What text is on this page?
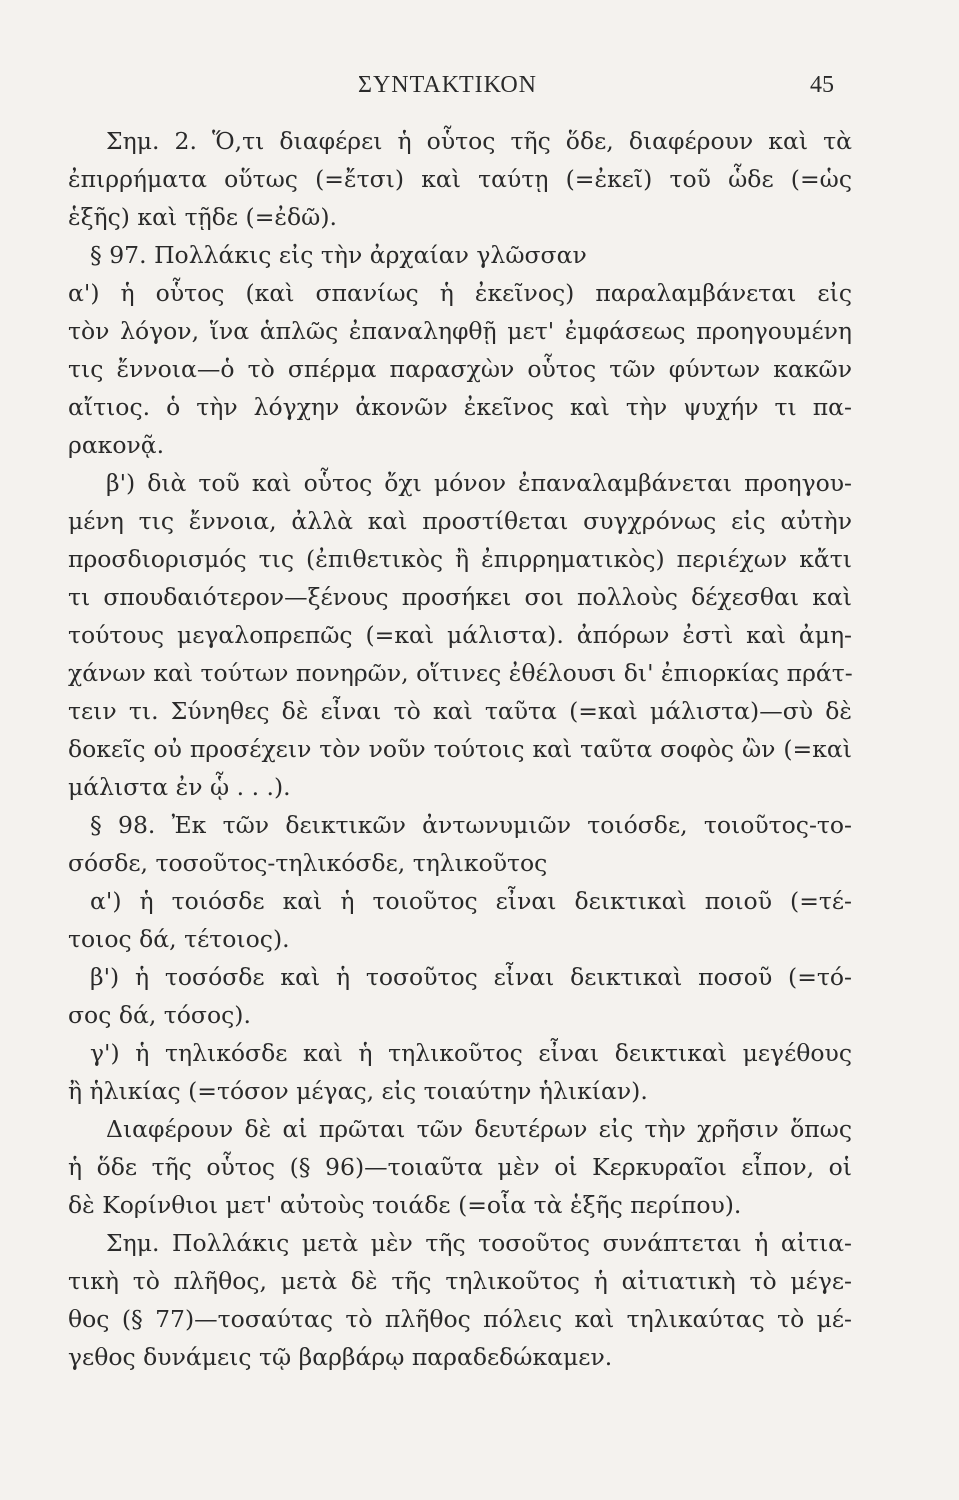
ΣΥΝΤΑΚΤΙΚΟΝ	45
Σημ. 2. Ὅ,τι διαφέρει ἡ οὗτος τῆς ὅδε, διαφέρουν καὶ τὰ
ἐπιρρήματα οὕτως (=ἔτσι) καὶ ταύτῃ (=ἐκεῖ) τοῦ ὧδε (=ὡς
ἑξῆς) καὶ τῇδε (=ἐδῶ).
§ 97. Πολλάκις εἰς τὴν ἀρχαίαν γλῶσσαν
α') ἡ οὗτος (καὶ σπανίως ἡ ἐκεῖνος) παραλαμβάνεται εἰς
τὸν λόγον, ἵνα ἁπλῶς ἐπαναληφθῇ μετ' ἐμφάσεως προηγουμένη
τις ἔννοια—ὁ τὸ σπέρμα παρασχὼν οὗτος τῶν φύντων κακῶν
αἴτιος. ὁ τὴν λόγχην ἀκονῶν ἐκεῖνος καὶ τὴν ψυχήν τι πα-
ρακονᾷ.
β') διὰ τοῦ καὶ οὗτος ὄχι μόνον ἐπαναλαμβάνεται προηγου-
μένη τις ἔννοια, ἀλλὰ καὶ προστίθεται συγχρόνως εἰς αὐτὴν
προσδιορισμός τις (ἐπιθετικὸς ἢ ἐπιρρηματικὸς) περιέχων κἄτι
τι σπουδαιότερον—ξένους προσήκει σοι πολλοὺς δέχεσθαι καὶ
τούτους μεγαλοπρεπῶς (=καὶ μάλιστα). ἀπόρων ἐστὶ καὶ ἀμη-
χάνων καὶ τούτων πονηρῶν, οἵτινες ἐθέλουσι δι' ἐπιορκίας πράτ-
τειν τι. Σύνηθες δὲ εἶναι τὸ καὶ ταῦτα (=καὶ μάλιστα)—σὺ δὲ
δοκεῖς οὐ προσέχειν τὸν νοῦν τούτοις καὶ ταῦτα σοφὸς ὢν (=καὶ
μάλιστα ἐν ᾧ . . .).
§ 98. Ἐκ τῶν δεικτικῶν ἀντωνυμιῶν τοιόσδε, τοιοῦτος-το-
σόσδε, τοσοῦτος-τηλικόσδε, τηλικοῦτος
α') ἡ τοιόσδε καὶ ἡ τοιοῦτος εἶναι δεικτικαὶ ποιοῦ (=τέ-
τοιος δά, τέτοιος).
β') ἡ τοσόσδε καὶ ἡ τοσοῦτος εἶναι δεικτικαὶ ποσοῦ (=τό-
σος δά, τόσος).
γ') ἡ τηλικόσδε καὶ ἡ τηλικοῦτος εἶναι δεικτικαὶ μεγέθους
ἢ ἡλικίας (=τόσον μέγας, εἰς τοιαύτην ἡλικίαν).
Διαφέρουν δὲ αἱ πρῶται τῶν δευτέρων εἰς τὴν χρῆσιν ὅπως
ἡ ὅδε τῆς οὗτος (§ 96)—τοιαῦτα μὲν οἱ Κερκυραῖοι εἶπον, οἱ
δὲ Κορίνθιοι μετ' αὐτοὺς τοιάδε (=οἷα τὰ ἑξῆς περίπου).
Σημ. Πολλάκις μετὰ μὲν τῆς τοσοῦτος συνάπτεται ἡ αἰτια-
τικὴ τὸ πλῆθος, μετὰ δὲ τῆς τηλικοῦτος ἡ αἰτιατικὴ τὸ μέγε-
θος (§ 77)—τοσαύτας τὸ πλῆθος πόλεις καὶ τηλικαύτας τὸ μέ-
γεθος δυνάμεις τῷ βαρβάρῳ παραδεδώκαμεν.
